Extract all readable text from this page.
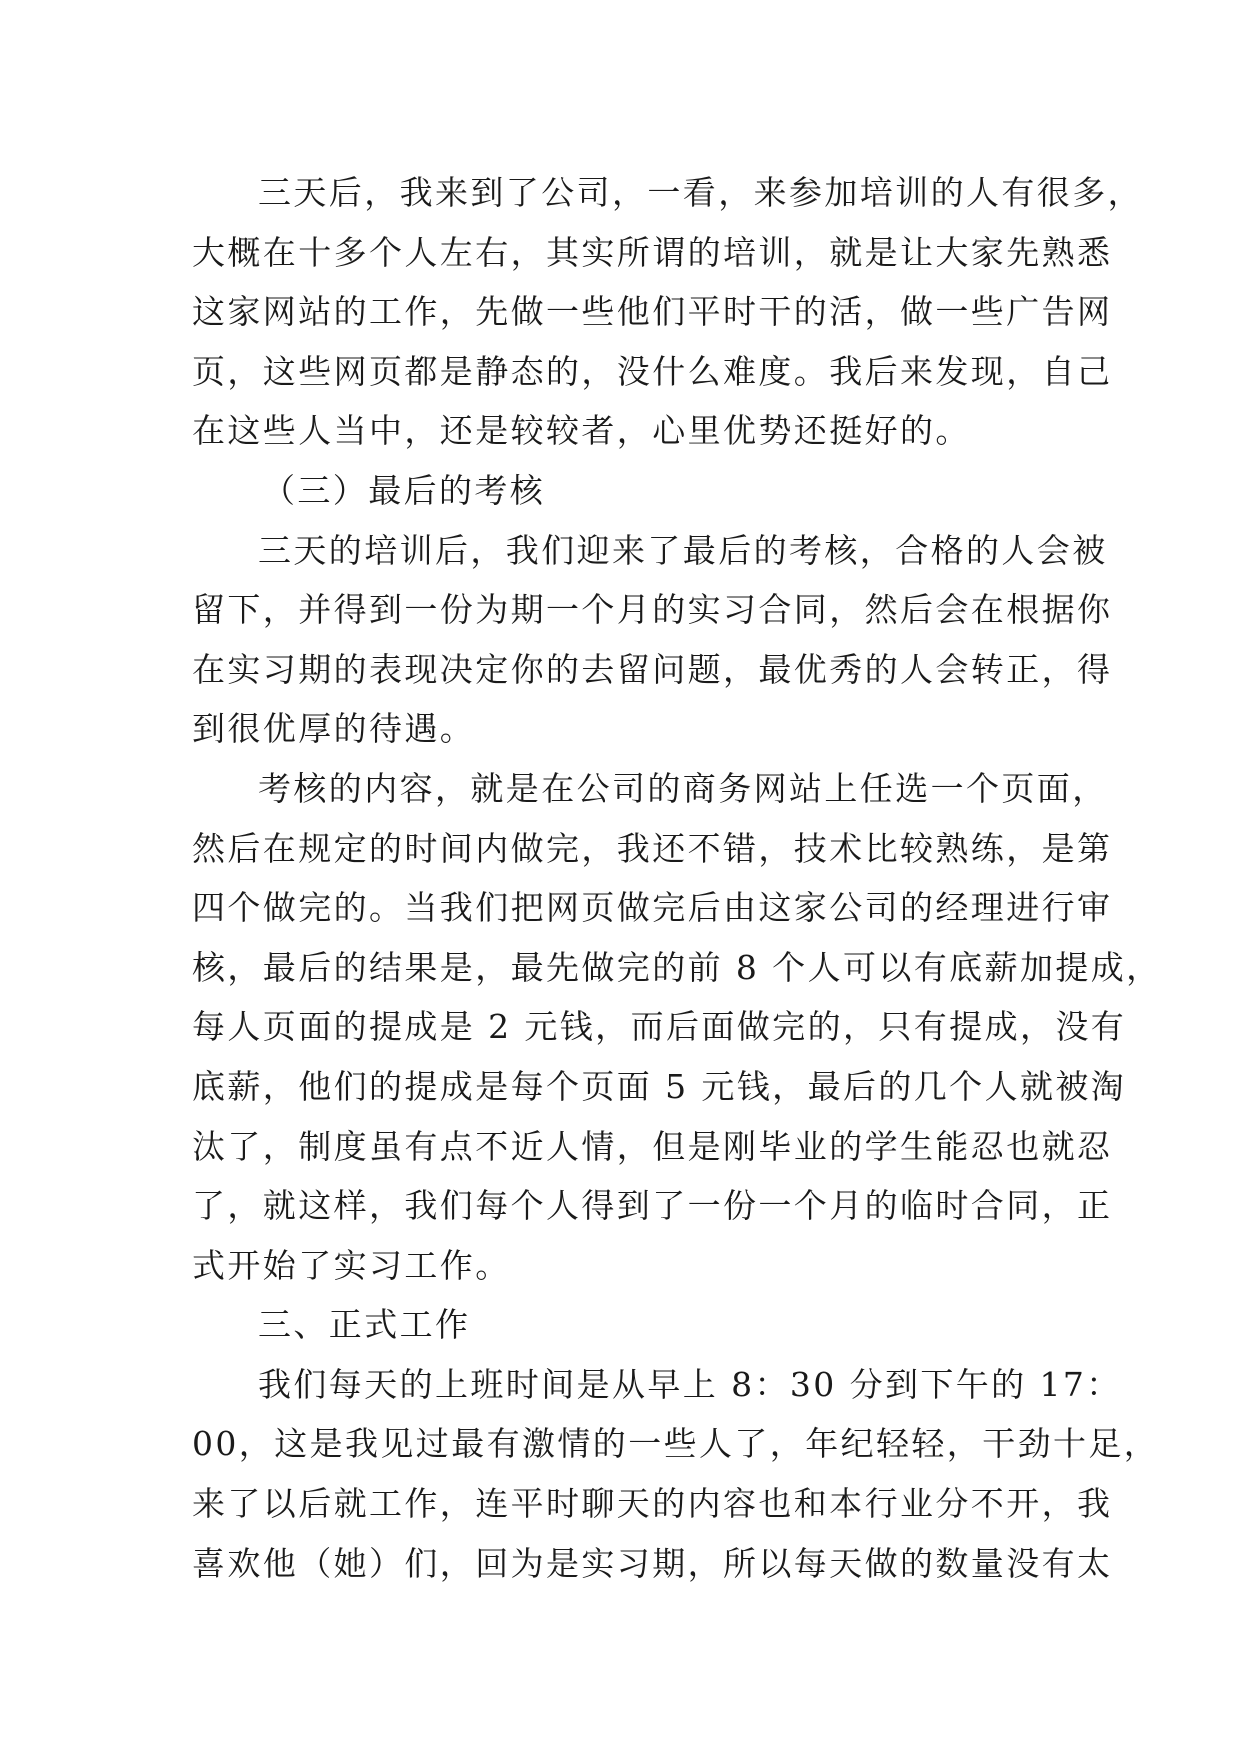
三天后，我来到了公司，一看，来参加培训的人有很多，
大概在十多个人左右，其实所谓的培训，就是让大家先熟悉
这家网站的工作，先做一些他们平时干的活，做一些广告网
页，这些网页都是静态的，没什么难度。我后来发现，自己
在这些人当中，还是较较者，心里优势还挺好的。
（三）最后的考核
三天的培训后，我们迎来了最后的考核，合格的人会被
留下，并得到一份为期一个月的实习合同，然后会在根据你
在实习期的表现决定你的去留问题，最优秀的人会转正，得
到很优厚的待遇。
考核的内容，就是在公司的商务网站上任选一个页面，
然后在规定的时间内做完，我还不错，技术比较熟练，是第
四个做完的。当我们把网页做完后由这家公司的经理进行审
核，最后的结果是，最先做完的前 8 个人可以有底薪加提成，
每人页面的提成是 2 元钱，而后面做完的，只有提成，没有
底薪，他们的提成是每个页面 5 元钱，最后的几个人就被淘
汰了，制度虽有点不近人情，但是刚毕业的学生能忍也就忍
了，就这样，我们每个人得到了一份一个月的临时合同，正
式开始了实习工作。
三、正式工作
我们每天的上班时间是从早上 8：30 分到下午的 17：
00，这是我见过最有激情的一些人了，年纪轻轻，干劲十足，
来了以后就工作，连平时聊天的内容也和本行业分不开，我
喜欢他（她）们，回为是实习期，所以每天做的数量没有太
